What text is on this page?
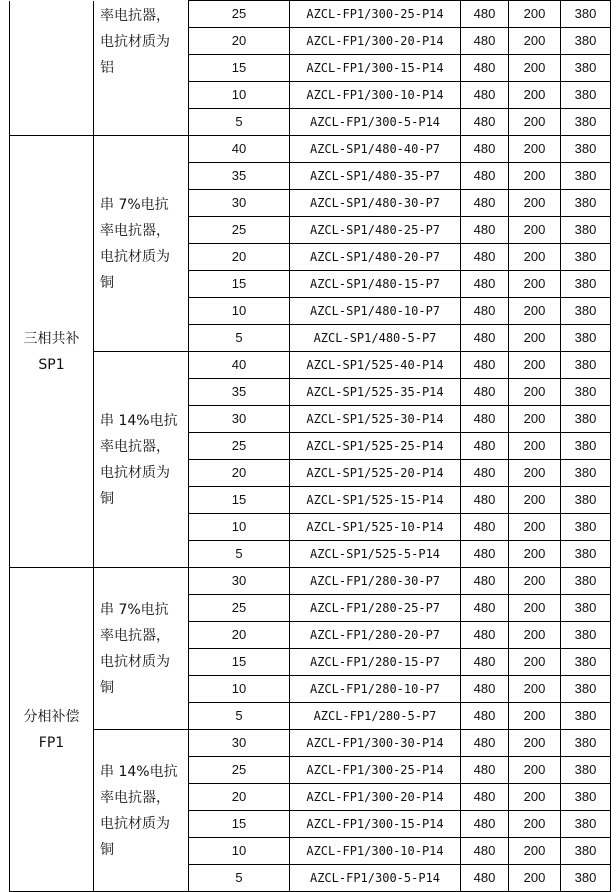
	率电抗器，电抗材质为铝	25	AZCL-FP1/300-25-P14	480	200	380
		20	AZCL-FP1/300-20-P14	480	200	380
		15	AZCL-FP1/300-15-P14	480	200	380
		10	AZCL-FP1/300-10-P14	480	200	380
		5	AZCL-FP1/300-5-P14	480	200	380

三相共补
SP1	串 7%电抗率电抗器，电抗材质为铜	40	AZCL-SP1/480-40-P7	480	200	380
		35	AZCL-SP1/480-35-P7	480	200	380
		30	AZCL-SP1/480-30-P7	480	200	380
		25	AZCL-SP1/480-25-P7	480	200	380
		20	AZCL-SP1/480-20-P7	480	200	380
		15	AZCL-SP1/480-15-P7	480	200	380
		10	AZCL-SP1/480-10-P7	480	200	380
		5	AZCL-SP1/480-5-P7	480	200	380
	串 14%电抗率电抗器，电抗材质为铜	40	AZCL-SP1/525-40-P14	480	200	380
		35	AZCL-SP1/525-35-P14	480	200	380
		30	AZCL-SP1/525-30-P14	480	200	380
		25	AZCL-SP1/525-25-P14	480	200	380
		20	AZCL-SP1/525-20-P14	480	200	380
		15	AZCL-SP1/525-15-P14	480	200	380
		10	AZCL-SP1/525-10-P14	480	200	380
		5	AZCL-SP1/525-5-P14	480	200	380

分相补偿
FP1	串 7%电抗率电抗器，电抗材质为铜	30	AZCL-FP1/280-30-P7	480	200	380
		25	AZCL-FP1/280-25-P7	480	200	380
		20	AZCL-FP1/280-20-P7	480	200	380
		15	AZCL-FP1/280-15-P7	480	200	380
		10	AZCL-FP1/280-10-P7	480	200	380
		5	AZCL-FP1/280-5-P7	480	200	380
	串 14%电抗率电抗器，电抗材质为铜	30	AZCL-FP1/300-30-P14	480	200	380
		25	AZCL-FP1/300-25-P14	480	200	380
		20	AZCL-FP1/300-20-P14	480	200	380
		15	AZCL-FP1/300-15-P14	480	200	380
		10	AZCL-FP1/300-10-P14	480	200	380
		5	AZCL-FP1/300-5-P14	480	200	380
